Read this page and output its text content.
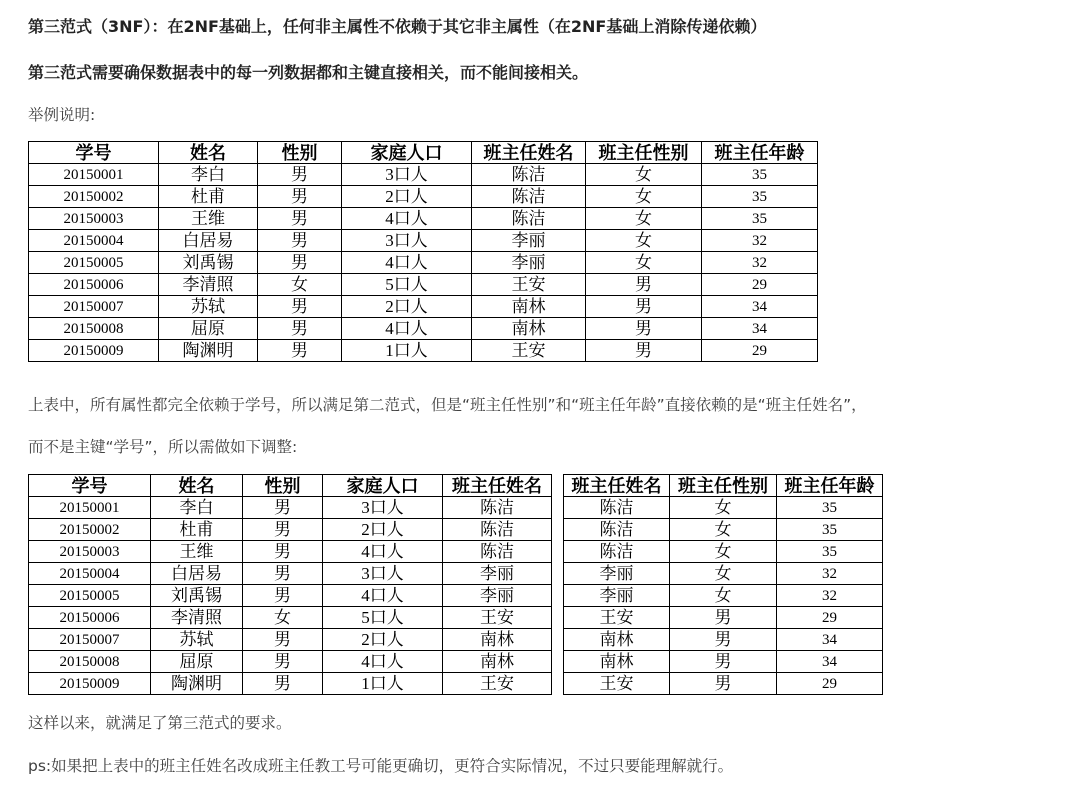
第三范式（3NF）：在2NF基础上，任何非主属性不依赖于其它非主属性（在2NF基础上消除传递依赖）
第三范式需要确保数据表中的每一列数据都和主键直接相关，而不能间接相关。
举例说明:
学号	姓名	性别	家庭人口	班主任姓名	班主任性别	班主任年龄
20150001	李白	男	3口人	陈洁	女	35
20150002	杜甫	男	2口人	陈洁	女	35
20150003	王维	男	4口人	陈洁	女	35
20150004	白居易	男	3口人	李丽	女	32
20150005	刘禹锡	男	4口人	李丽	女	32
20150006	李清照	女	5口人	王安	男	29
20150007	苏轼	男	2口人	南林	男	34
20150008	屈原	男	4口人	南林	男	34
20150009	陶渊明	男	1口人	王安	男	29
上表中，所有属性都完全依赖于学号，所以满足第二范式，但是“班主任性别”和“班主任年龄”直接依赖的是“班主任姓名”，
而不是主键“学号”，所以需做如下调整:
学号	姓名	性别	家庭人口	班主任姓名
20150001	李白	男	3口人	陈洁
20150002	杜甫	男	2口人	陈洁
20150003	王维	男	4口人	陈洁
20150004	白居易	男	3口人	李丽
20150005	刘禹锡	男	4口人	李丽
20150006	李清照	女	5口人	王安
20150007	苏轼	男	2口人	南林
20150008	屈原	男	4口人	南林
20150009	陶渊明	男	1口人	王安
班主任姓名	班主任性别	班主任年龄
陈洁	女	35
陈洁	女	35
陈洁	女	35
李丽	女	32
李丽	女	32
王安	男	29
南林	男	34
南林	男	34
王安	男	29
这样以来，就满足了第三范式的要求。
ps:如果把上表中的班主任姓名改成班主任教工号可能更确切，更符合实际情况，不过只要能理解就行。
